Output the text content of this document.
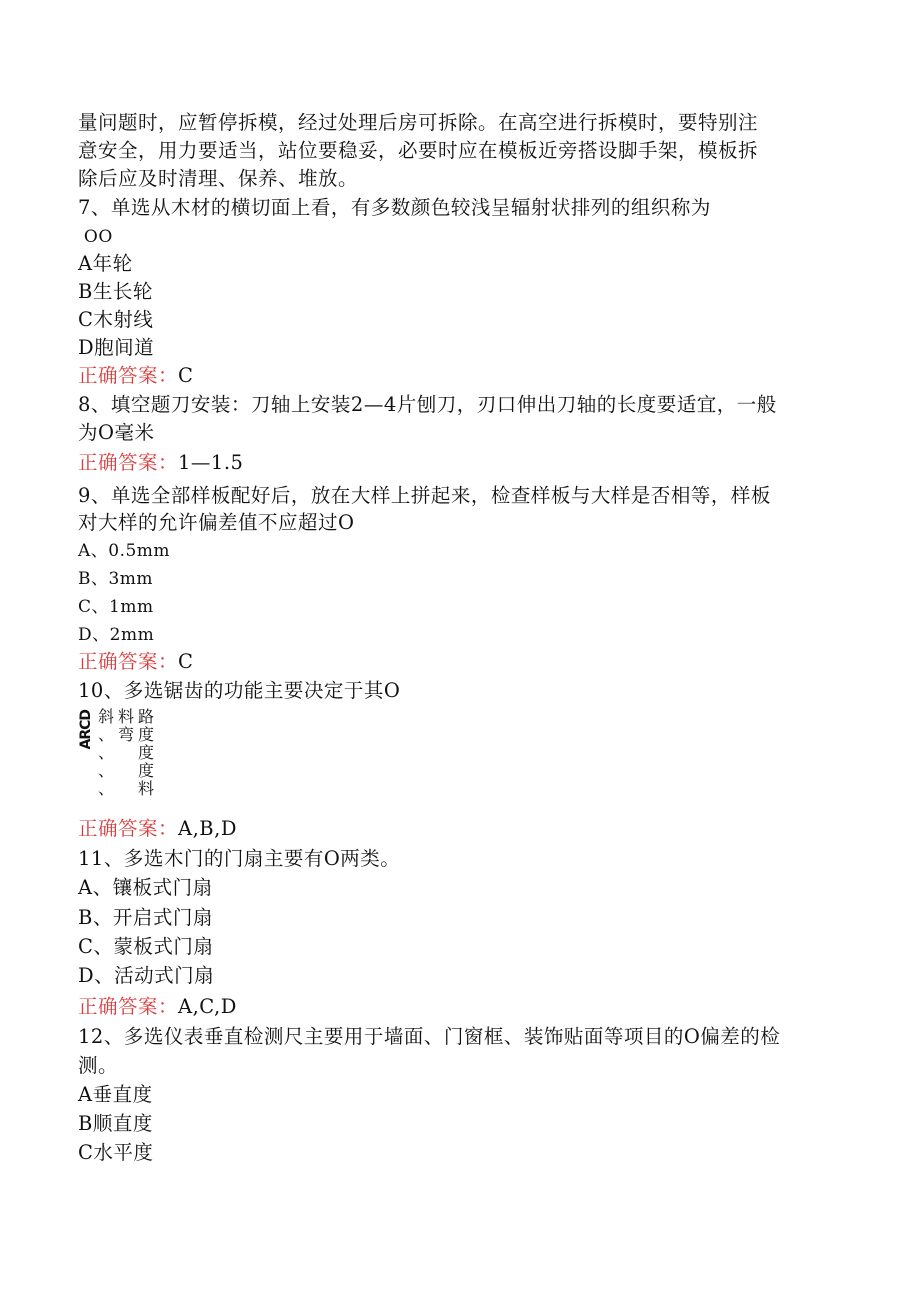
量问题时，应暂停拆模，经过处理后房可拆除。在高空进行拆模时，要特别注
意安全，用力要适当，站位要稳妥，必要时应在模板近旁搭设脚手架，模板拆
除后应及时清理、保养、堆放。
7、单选从木材的横切面上看，有多数颜色较浅呈辐射状排列的组织称为
OO
A年轮
B生长轮
C木射线
D胞间道
正确答案：C
8、填空题刀安装：刀轴上安装2—4片刨刀，刃口伸出刀轴的长度要适宜，一般
为O毫米
正确答案：1—1.5
9、单选全部样板配好后，放在大样上拼起来，检查样板与大样是否相等，样板
对大样的允许偏差值不应超过O
A、0.5mm
B、3mm
C、1mm
D、2mm
正确答案：C
10、多选锯齿的功能主要决定于其O
ARCD 斜
、
、
、
、
料
弯
路
度
度
度
料
正确答案：A,B,D
11、多选木门的门扇主要有O两类。
A、镶板式门扇
B、开启式门扇
C、蒙板式门扇
D、活动式门扇
正确答案：A,C,D
12、多选仪表垂直检测尺主要用于墙面、门窗框、装饰贴面等项目的O偏差的检
测。
A垂直度
B顺直度
C水平度
